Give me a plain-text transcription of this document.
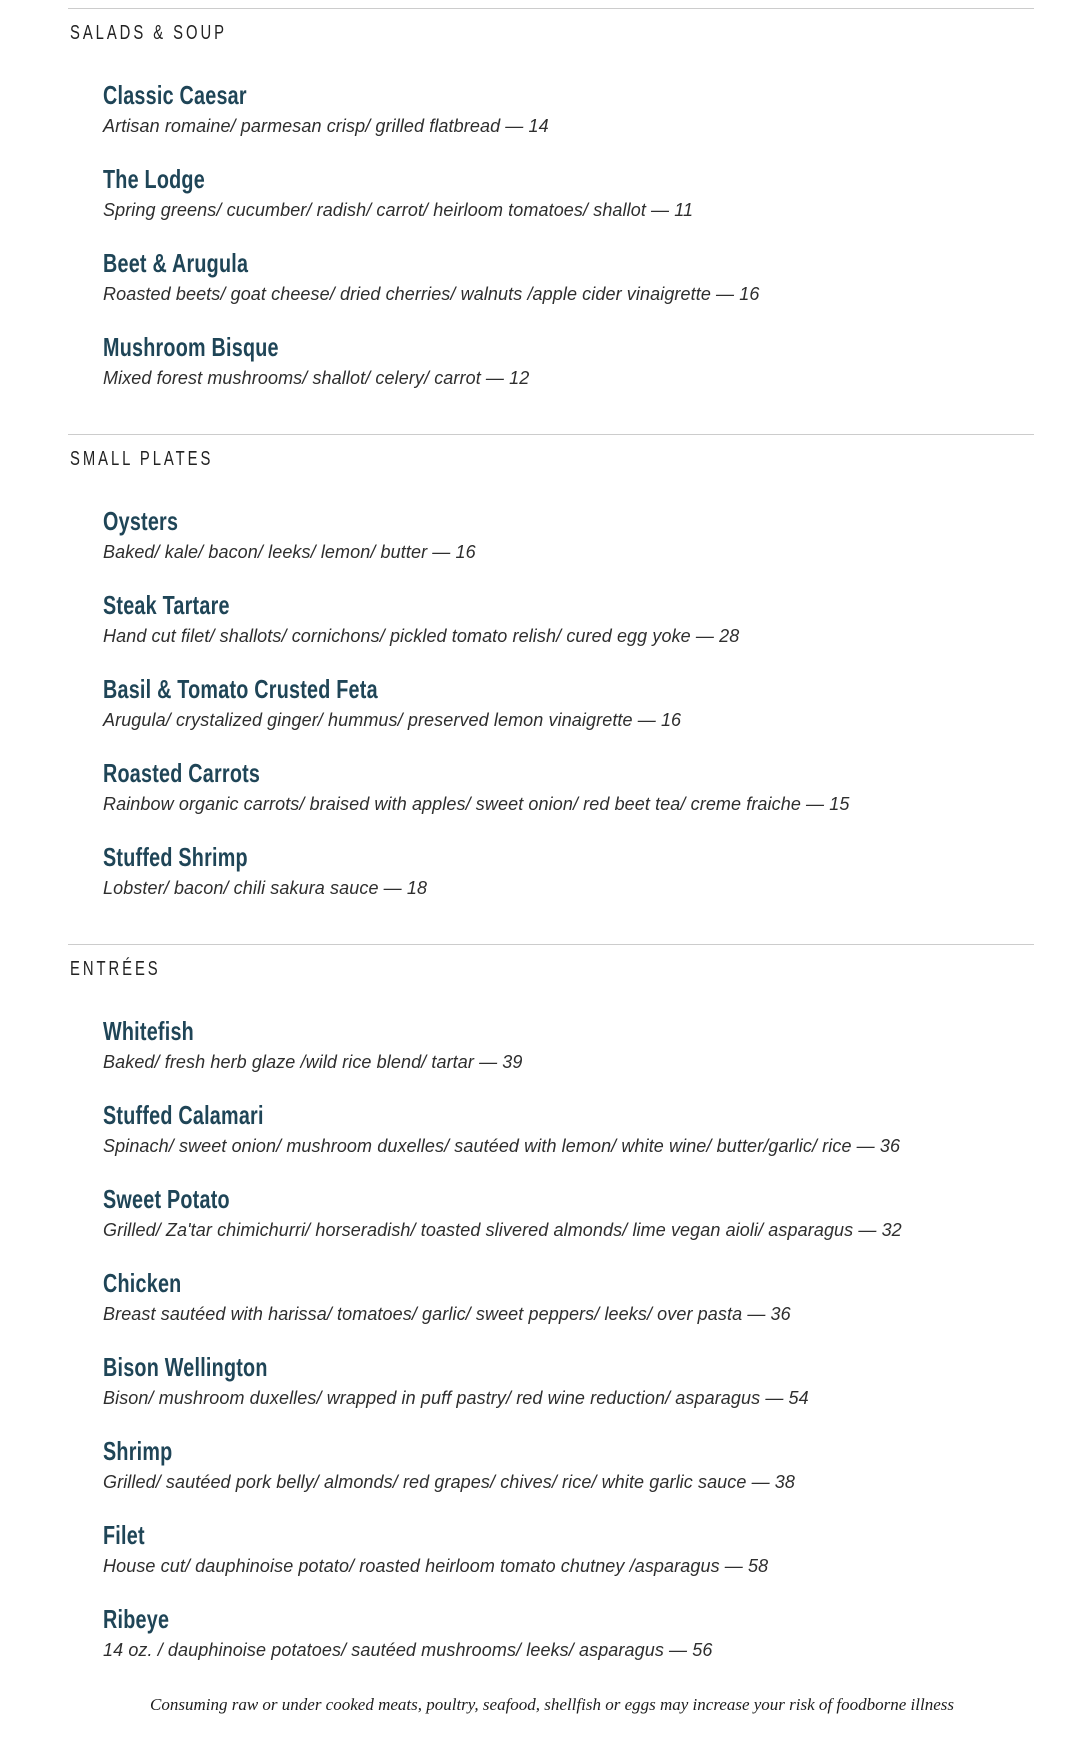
SALADS & SOUP
Classic Caesar

Artisan romaine/ parmesan crisp/ grilled flatbread — 14

The Lodge

Spring greens/ cucumber/ radish/ carrot/ heirloom tomatoes/ shallot — 11

Beet & Arugula

Roasted beets/ goat cheese/ dried cherries/ walnuts /apple cider vinaigrette — 16

Mushroom Bisque

Mixed forest mushrooms/ shallot/ celery/ carrot — 12

SMALL PLATES
Oysters

Baked/ kale/ bacon/ leeks/ lemon/ butter — 16

Steak Tartare

Hand cut filet/ shallots/ cornichons/ pickled tomato relish/ cured egg yoke — 28

Basil & Tomato Crusted Feta

Arugula/ crystalized ginger/ hummus/ preserved lemon vinaigrette — 16

Roasted Carrots

Rainbow organic carrots/ braised with apples/ sweet onion/ red beet tea/ creme fraiche — 15

Stuffed Shrimp

Lobster/ bacon/ chili sakura sauce — 18

ENTRÉES
Whitefish

Baked/ fresh herb glaze /wild rice blend/ tartar — 39

Stuffed Calamari

Spinach/ sweet onion/ mushroom duxelles/ sautéed with lemon/ white wine/ butter/garlic/ rice — 36

Sweet Potato

Grilled/ Za'tar chimichurri/ horseradish/ toasted slivered almonds/ lime vegan aioli/ asparagus — 32

Chicken

Breast sautéed with harissa/ tomatoes/ garlic/ sweet peppers/ leeks/ over pasta — 36

Bison Wellington

Bison/ mushroom duxelles/ wrapped in puff pastry/ red wine reduction/ asparagus — 54

Shrimp

Grilled/ sautéed pork belly/ almonds/ red grapes/ chives/ rice/ white garlic sauce — 38

Filet

House cut/ dauphinoise potato/ roasted heirloom tomato chutney /asparagus — 58

Ribeye

14 oz. / dauphinoise potatoes/ sautéed mushrooms/ leeks/ asparagus — 56

Consuming raw or under cooked meats, poultry, seafood, shellfish or eggs may increase your risk of foodborne illness
